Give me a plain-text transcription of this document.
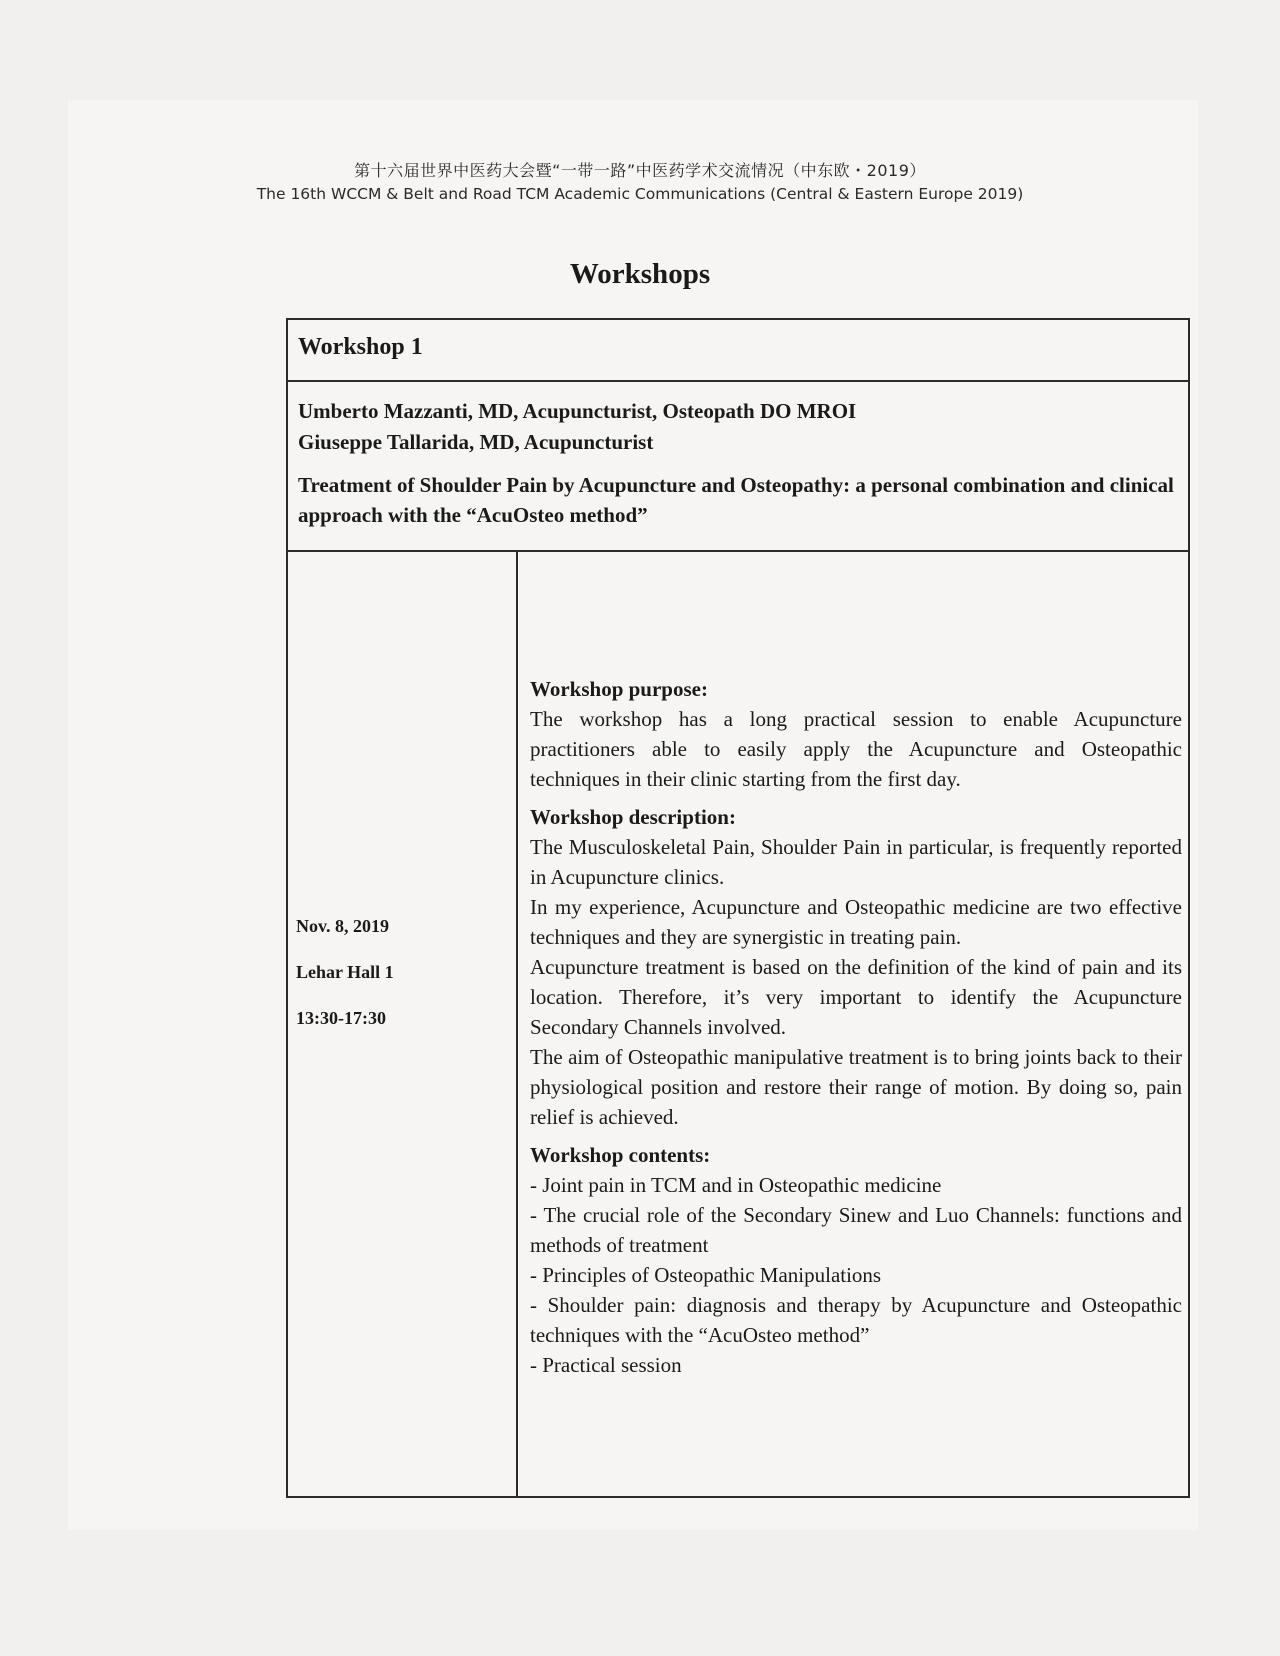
第十六届世界中医药大会暨“一带一路”中医药学术交流情况（中东欧・2019）
The 16th WCCM & Belt and Road TCM Academic Communications (Central & Eastern Europe 2019)
Workshops
Workshop 1
Umberto Mazzanti, MD, Acupuncturist, Osteopath DO MROI
Giuseppe Tallarida, MD, Acupuncturist
Treatment of Shoulder Pain by Acupuncture and Osteopathy: a personal combination and clinical approach with the “AcuOsteo method”
Nov. 8, 2019
Lehar Hall 1
13:30-17:30
Workshop purpose:
The workshop has a long practical session to enable Acupuncture practitioners able to easily apply the Acupuncture and Osteopathic techniques in their clinic starting from the first day.
Workshop description:
The Musculoskeletal Pain, Shoulder Pain in particular, is frequently reported in Acupuncture clinics.
In my experience, Acupuncture and Osteopathic medicine are two effective techniques and they are synergistic in treating pain.
Acupuncture treatment is based on the definition of the kind of pain and its location. Therefore, it’s very important to identify the Acupuncture Secondary Channels involved.
The aim of Osteopathic manipulative treatment is to bring joints back to their physiological position and restore their range of motion. By doing so, pain relief is achieved.
Workshop contents:
- Joint pain in TCM and in Osteopathic medicine
- The crucial role of the Secondary Sinew and Luo Channels: functions and methods of treatment
- Principles of Osteopathic Manipulations
- Shoulder pain: diagnosis and therapy by Acupuncture and Osteopathic techniques with the “AcuOsteo method”
- Practical session
